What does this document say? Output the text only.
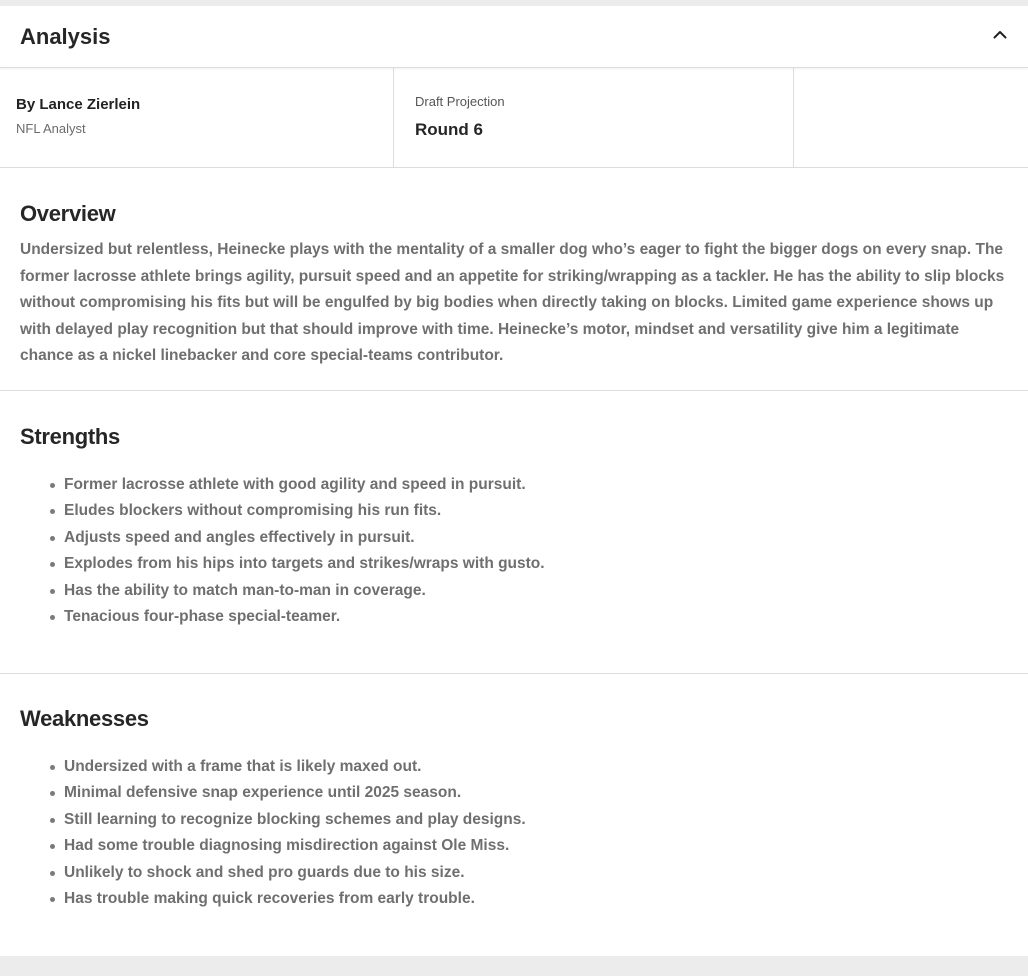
Analysis
By Lance Zierlein
NFL Analyst
Draft Projection
Round 6
Overview

Undersized but relentless, Heinecke plays with the mentality of a smaller dog who’s eager to fight the bigger dogs on every snap. The former lacrosse athlete brings agility, pursuit speed and an appetite for striking/wrapping as a tackler. He has the ability to slip blocks without compromising his fits but will be engulfed by big bodies when directly taking on blocks. Limited game experience shows up with delayed play recognition but that should improve with time. Heinecke’s motor, mindset and versatility give him a legitimate chance as a nickel linebacker and core special-teams contributor.

Strengths
Former lacrosse athlete with good agility and speed in pursuit.
Eludes blockers without compromising his run fits.
Adjusts speed and angles effectively in pursuit.
Explodes from his hips into targets and strikes/wraps with gusto.
Has the ability to match man-to-man in coverage.
Tenacious four-phase special-teamer.
Weaknesses
Undersized with a frame that is likely maxed out.
Minimal defensive snap experience until 2025 season.
Still learning to recognize blocking schemes and play designs.
Had some trouble diagnosing misdirection against Ole Miss.
Unlikely to shock and shed pro guards due to his size.
Has trouble making quick recoveries from early trouble.
